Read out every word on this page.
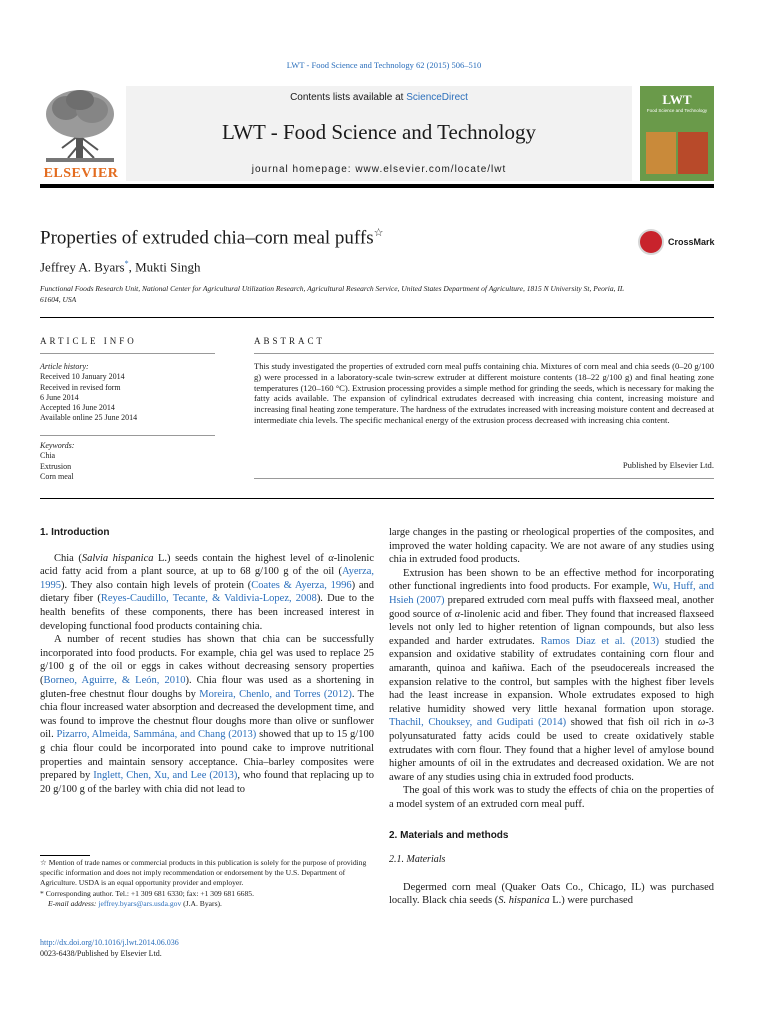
LWT - Food Science and Technology 62 (2015) 506–510
ELSEVIER
Contents lists available at ScienceDirect
LWT - Food Science and Technology
journal homepage: www.elsevier.com/locate/lwt
LWT
Food Science and Technology
Properties of extruded chia–corn meal puffs☆
CrossMark
Jeffrey A. Byars*, Mukti Singh
Functional Foods Research Unit, National Center for Agricultural Utilization Research, Agricultural Research Service, United States Department of Agriculture, 1815 N University St, Peoria, IL 61604, USA
ARTICLE INFO	ABSTRACT
Article history:
Received 10 January 2014
Received in revised form
6 June 2014
Accepted 16 June 2014
Available online 25 June 2014
Keywords:
Chia
Extrusion
Corn meal
This study investigated the properties of extruded corn meal puffs containing chia. Mixtures of corn meal and chia seeds (0–20 g/100 g) were processed in a laboratory-scale twin-screw extruder at different moisture contents (18–22 g/100 g) and final heating zone temperatures (120–160 °C). Extrusion processing provides a simple method for grinding the seeds, which is necessary for making the fatty acids available. The expansion of cylindrical extrudates decreased with increasing chia content, increasing moisture and increasing final heating zone temperature. The hardness of the extrudates increased with increasing moisture content and decreased at intermediate chia levels. The specific mechanical energy of the extrusion process decreased with increasing chia content.
Published by Elsevier Ltd.
1. Introduction

Chia (Salvia hispanica L.) seeds contain the highest level of α-linolenic acid fatty acid from a plant source, at up to 68 g/100 g of the oil (Ayerza, 1995). They also contain high levels of protein (Coates & Ayerza, 1996) and dietary fiber (Reyes-Caudillo, Tecante, & Valdivia-Lopez, 2008). Due to the health benefits of these components, there has been increased interest in developing functional food products containing chia.

A number of recent studies has shown that chia can be successfully incorporated into food products. For example, chia gel was used to replace 25 g/100 g of the oil or eggs in cakes without decreasing sensory properties (Borneo, Aguirre, & León, 2010). Chia flour was used as a shortening in gluten-free chestnut flour doughs by Moreira, Chenlo, and Torres (2012). The chia flour increased water absorption and decreased the development time, and was found to improve the chestnut flour doughs more than olive or sunflower oil. Pizarro, Almeida, Sammána, and Chang (2013) showed that up to 15 g/100 g chia flour could be incorporated into pound cake to improve nutritional properties and maintain sensory acceptance. Chia–barley composites were prepared by Inglett, Chen, Xu, and Lee (2013), who found that replacing up to 20 g/100 g of the barley with chia did not lead to

large changes in the pasting or rheological properties of the composites, and improved the water holding capacity. We are not aware of any studies using chia in extruded food products.

Extrusion has been shown to be an effective method for incorporating other functional ingredients into food products. For example, Wu, Huff, and Hsieh (2007) prepared extruded corn meal puffs with flaxseed meal, another good source of α-linolenic acid and fiber. They found that increased flaxseed levels not only led to higher retention of lignan compounds, but also less expanded and harder extrudates. Ramos Diaz et al. (2013) studied the expansion and oxidative stability of extrudates containing corn flour and amaranth, quinoa and kañiwa. Each of the pseudocereals increased the expansion relative to the control, but samples with the highest fiber levels had the least increase in expansion. Whole extrudates exposed to high relative humidity showed very little hexanal formation upon storage. Thachil, Chouksey, and Gudipati (2014) showed that fish oil rich in ω-3 polyunsaturated fatty acids could be used to create oxidatively stable extrudates with corn flour. They found that a higher level of amylose bound higher amounts of oil in the extrudates and decreased oxidation. We are not aware of any studies using chia in extruded food products.

The goal of this work was to study the effects of chia on the properties of a model system of an extruded corn meal puff.

2. Materials and methods
2.1. Materials

Degermed corn meal (Quaker Oats Co., Chicago, IL) was purchased locally. Black chia seeds (S. hispanica L.) were purchased

☆ Mention of trade names or commercial products in this publication is solely for the purpose of providing specific information and does not imply recommendation or endorsement by the U.S. Department of Agriculture. USDA is an equal opportunity provider and employer.
* Corresponding author. Tel.: +1 309 681 6330; fax: +1 309 681 6685.
E-mail address: jeffrey.byars@ars.usda.gov (J.A. Byars).
http://dx.doi.org/10.1016/j.lwt.2014.06.036
0023-6438/Published by Elsevier Ltd.
